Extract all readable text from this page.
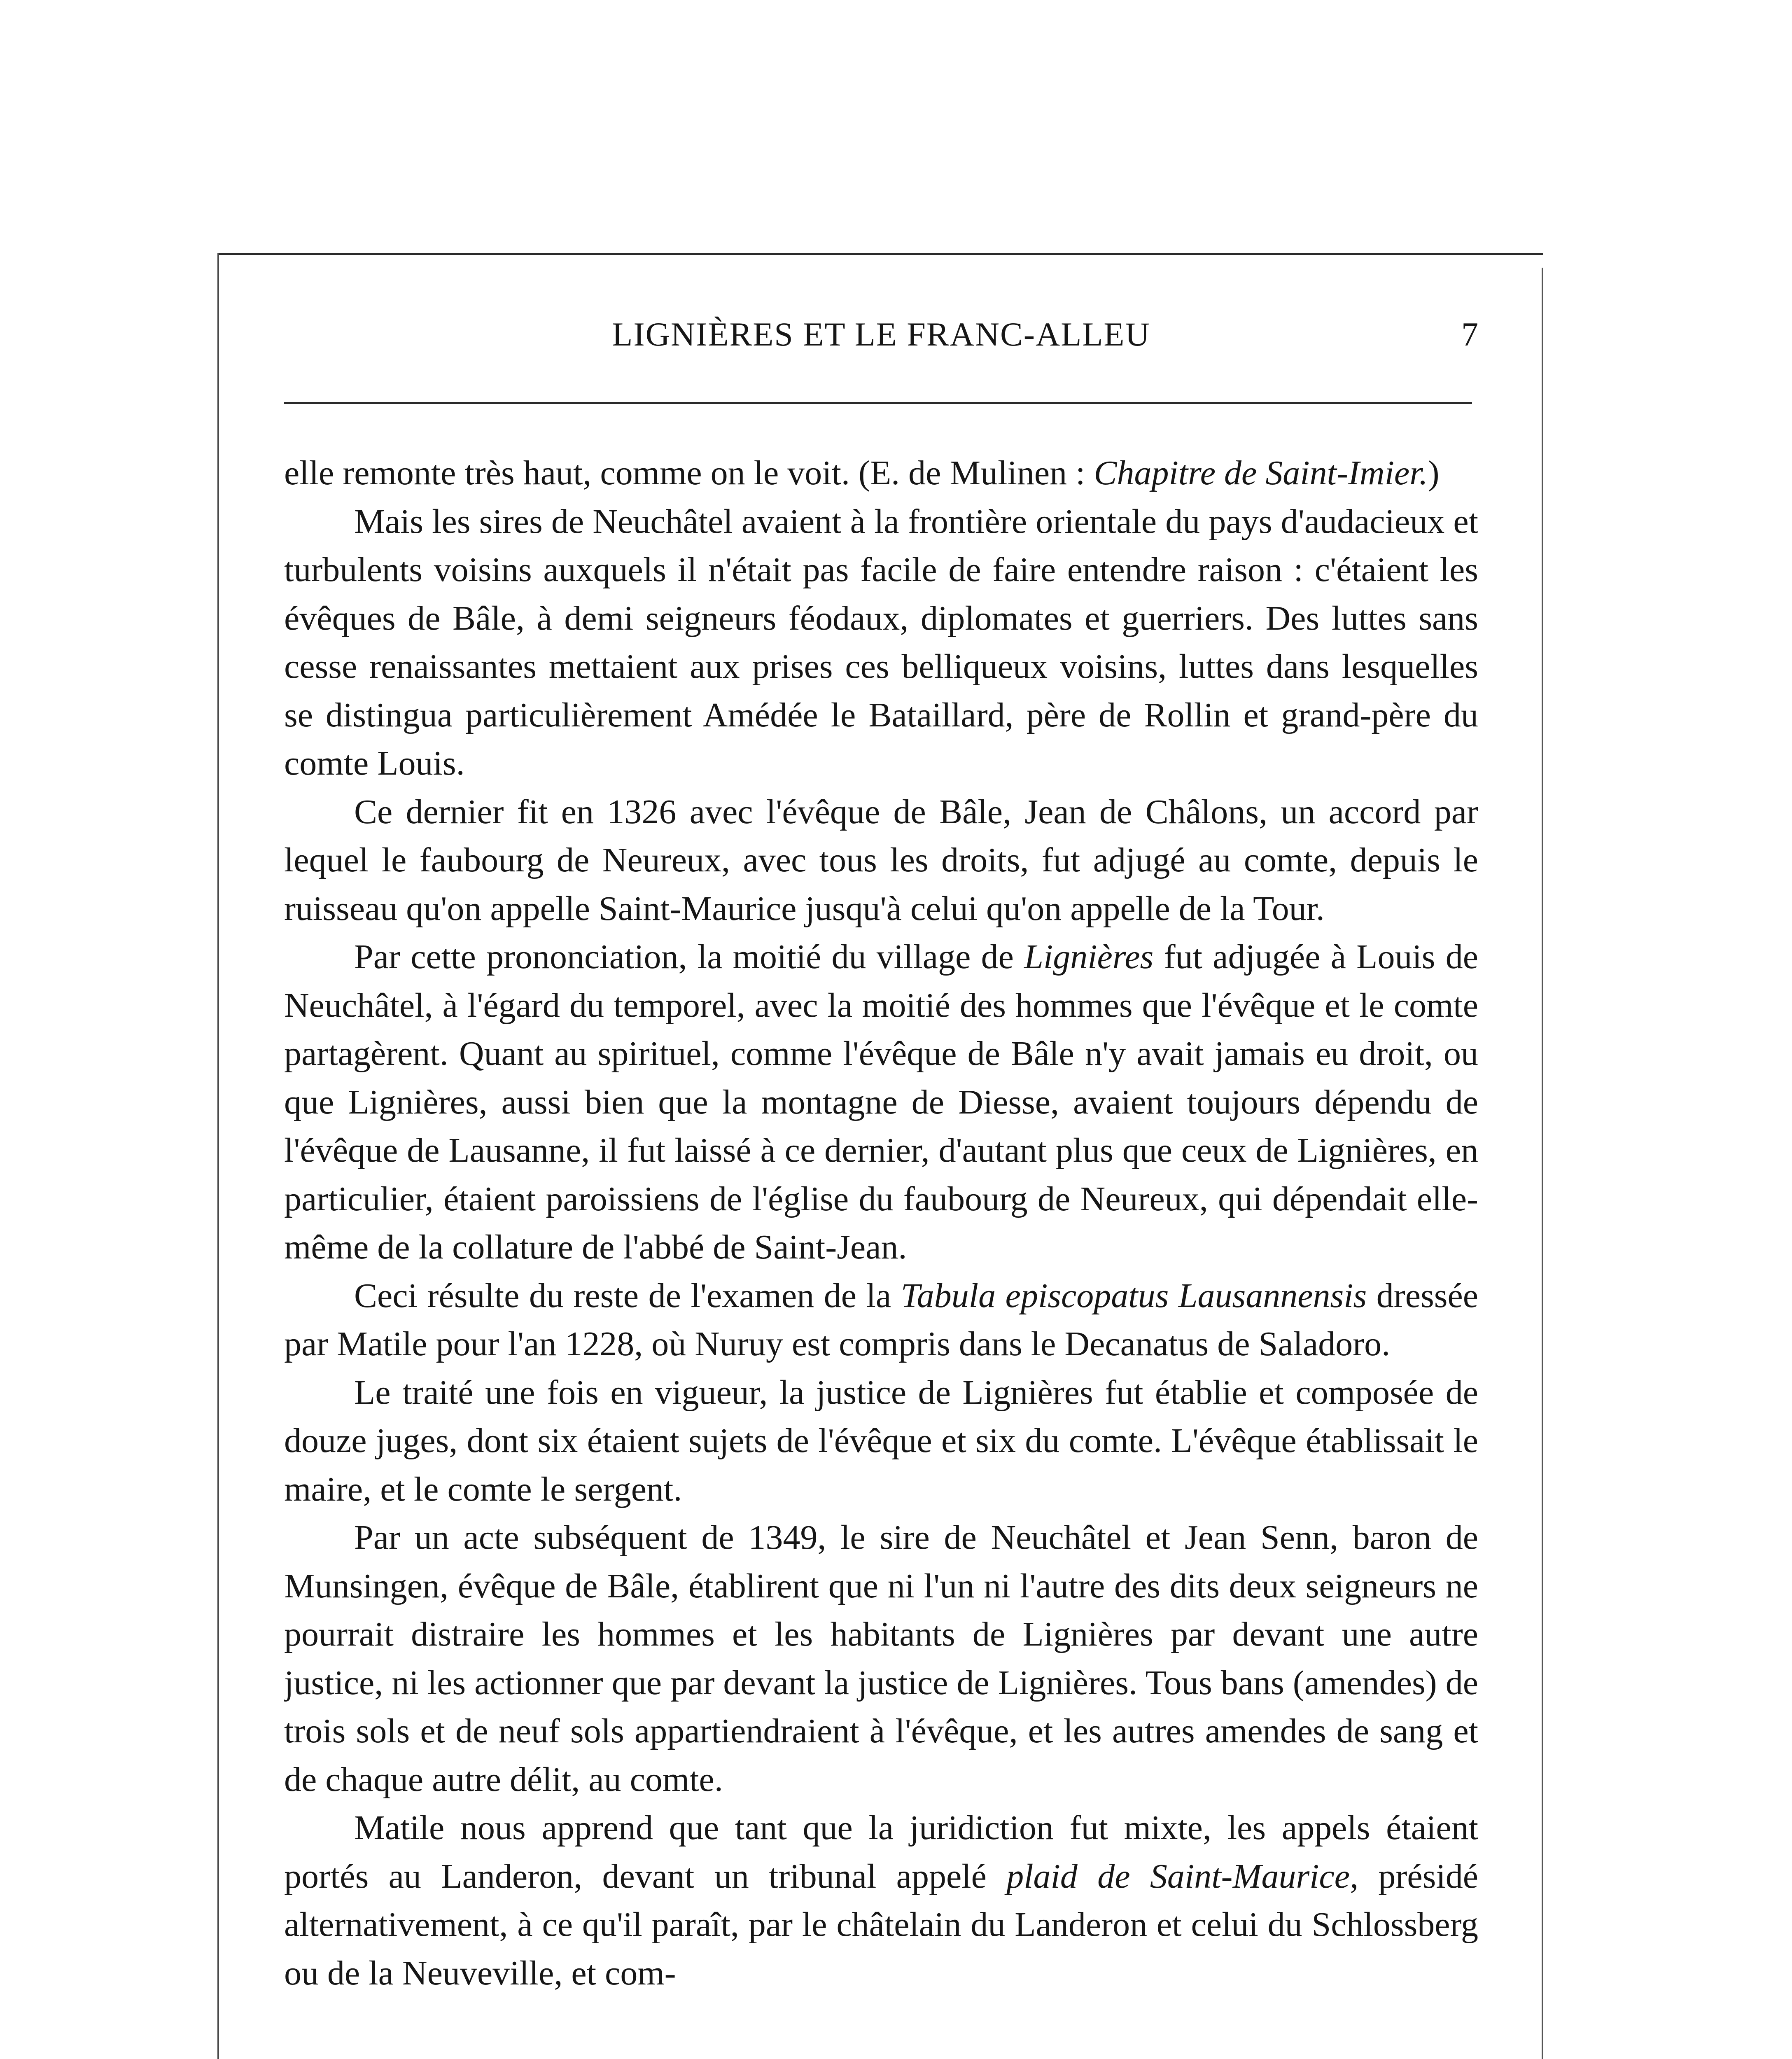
LIGNIÈRES ET LE FRANC-ALLEU	7

elle remonte très haut, comme on le voit. (E. de Mulinen : Chapitre de Saint-Imier.)

Mais les sires de Neuchâtel avaient à la frontière orientale du pays d'audacieux et turbulents voisins auxquels il n'était pas facile de faire entendre raison : c'étaient les évêques de Bâle, à demi seigneurs féodaux, diplomates et guerriers. Des luttes sans cesse renaissantes mettaient aux prises ces belliqueux voisins, luttes dans lesquelles se distingua particulièrement Amédée le Bataillard, père de Rollin et grand-père du comte Louis.

Ce dernier fit en 1326 avec l'évêque de Bâle, Jean de Châlons, un accord par lequel le faubourg de Neureux, avec tous les droits, fut adjugé au comte, depuis le ruisseau qu'on appelle Saint-Maurice jusqu'à celui qu'on appelle de la Tour.

Par cette prononciation, la moitié du village de Lignières fut adjugée à Louis de Neuchâtel, à l'égard du temporel, avec la moitié des hommes que l'évêque et le comte partagèrent. Quant au spirituel, comme l'évêque de Bâle n'y avait jamais eu droit, ou que Lignières, aussi bien que la montagne de Diesse, avaient toujours dépendu de l'évêque de Lausanne, il fut laissé à ce dernier, d'autant plus que ceux de Lignières, en particulier, étaient paroissiens de l'église du faubourg de Neureux, qui dépendait elle-même de la collature de l'abbé de Saint-Jean.

Ceci résulte du reste de l'examen de la Tabula episcopatus Lausannensis dressée par Matile pour l'an 1228, où Nuruy est compris dans le Decanatus de Saladoro.

Le traité une fois en vigueur, la justice de Lignières fut établie et composée de douze juges, dont six étaient sujets de l'évêque et six du comte. L'évêque établissait le maire, et le comte le sergent.

Par un acte subséquent de 1349, le sire de Neuchâtel et Jean Senn, baron de Munsingen, évêque de Bâle, établirent que ni l'un ni l'autre des dits deux seigneurs ne pourrait distraire les hommes et les habitants de Lignières par devant une autre justice, ni les actionner que par devant la justice de Lignières. Tous bans (amendes) de trois sols et de neuf sols appartiendraient à l'évêque, et les autres amendes de sang et de chaque autre délit, au comte.

Matile nous apprend que tant que la juridiction fut mixte, les appels étaient portés au Landeron, devant un tribunal appelé plaid de Saint-Maurice, présidé alternativement, à ce qu'il paraît, par le châtelain du Landeron et celui du Schlossberg ou de la Neuveville, et com-
